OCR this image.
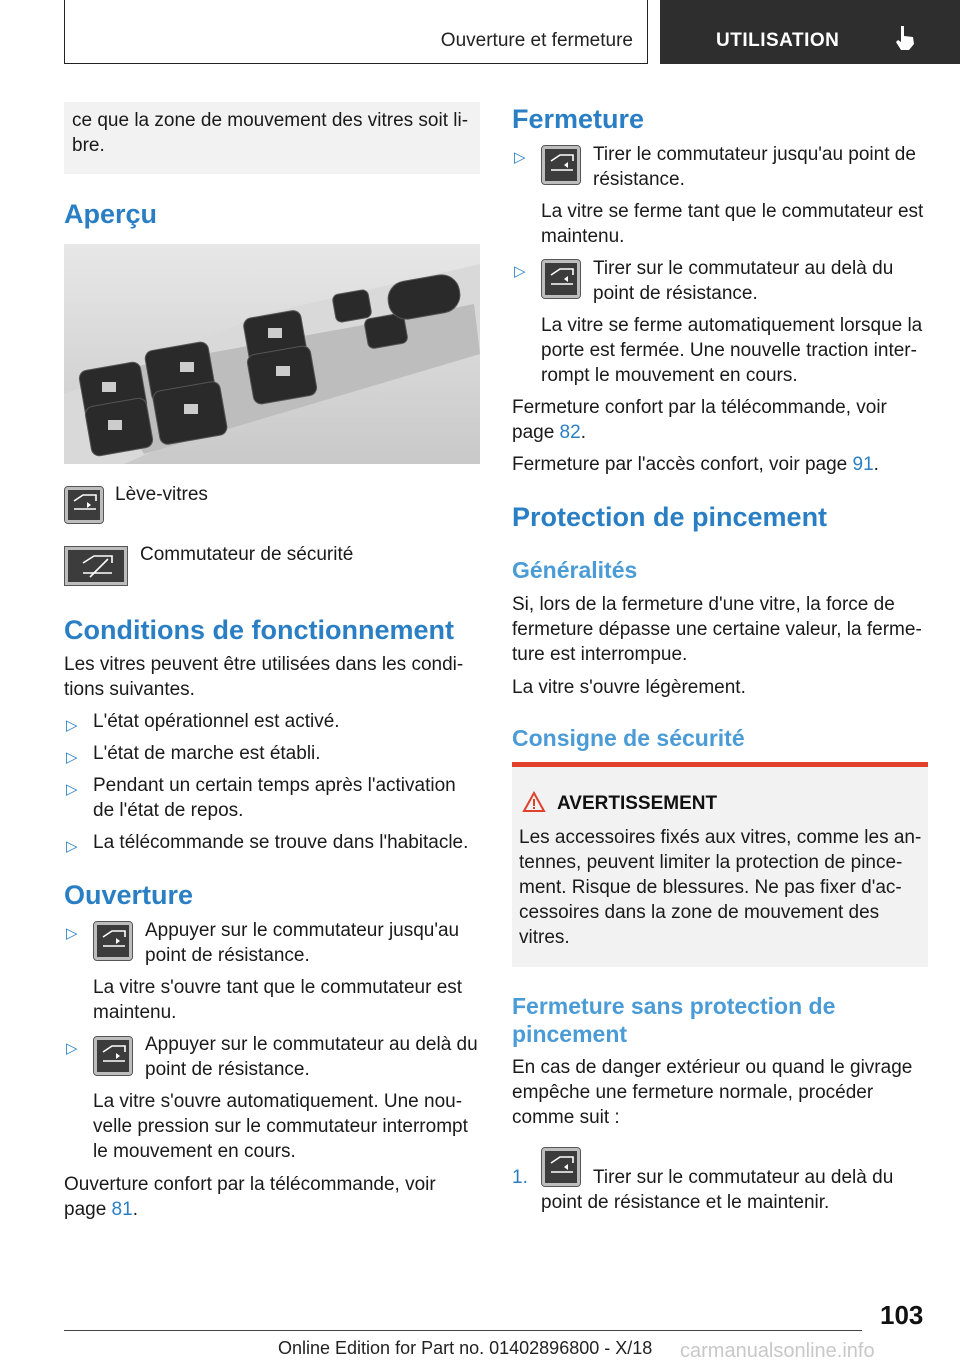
Ouverture et fermeture	UTILISATION

ce que la zone de mouvement des vitres soit li-

bre.

Aperçu

Lève-vitres

Commutateur de sécurité

Conditions de fonctionnement

Les vitres peuvent être utilisées dans les condi-

tions suivantes.

▷ L'état opérationnel est activé.

▷ L'état de marche est établi.

▷ Pendant un certain temps après l'activation

de l'état de repos.

▷ La télécommande se trouve dans l'habitacle.

Ouverture
▷	Appuyer sur le commutateur jusqu'au

point de résistance.

La vitre s'ouvre tant que le commutateur est

maintenu.

▷	Appuyer sur le commutateur au delà du

point de résistance.

La vitre s'ouvre automatiquement. Une nou-

velle pression sur le commutateur interrompt

le mouvement en cours.

Ouverture confort par la télécommande, voir

page 81.

Fermeture
▷	Tirer le commutateur jusqu'au point de

résistance.

La vitre se ferme tant que le commutateur est

maintenu.

▷	Tirer sur le commutateur au delà du

point de résistance.

La vitre se ferme automatiquement lorsque la

porte est fermée. Une nouvelle traction inter-

rompt le mouvement en cours.

Fermeture confort par la télécommande, voir

page 82.

Fermeture par l'accès confort, voir page 91.

Protection de pincement
Généralités

Si, lors de la fermeture d'une vitre, la force de

fermeture dépasse une certaine valeur, la ferme-

ture est interrompue.

La vitre s'ouvre légèrement.

Consigne de sécurité
AVERTISSEMENT

Les accessoires fixés aux vitres, comme les an-

tennes, peuvent limiter la protection de pince-

ment. Risque de blessures. Ne pas fixer d'ac-

cessoires dans la zone de mouvement des

vitres.

Fermeture sans protection de
pincement

En cas de danger extérieur ou quand le givrage

empêche une fermeture normale, procéder

comme suit :

1.	Tirer sur le commutateur au delà du

point de résistance et le maintenir.

103
Online Edition for Part no. 01402896800 - X/18 carmanualsonline.info
